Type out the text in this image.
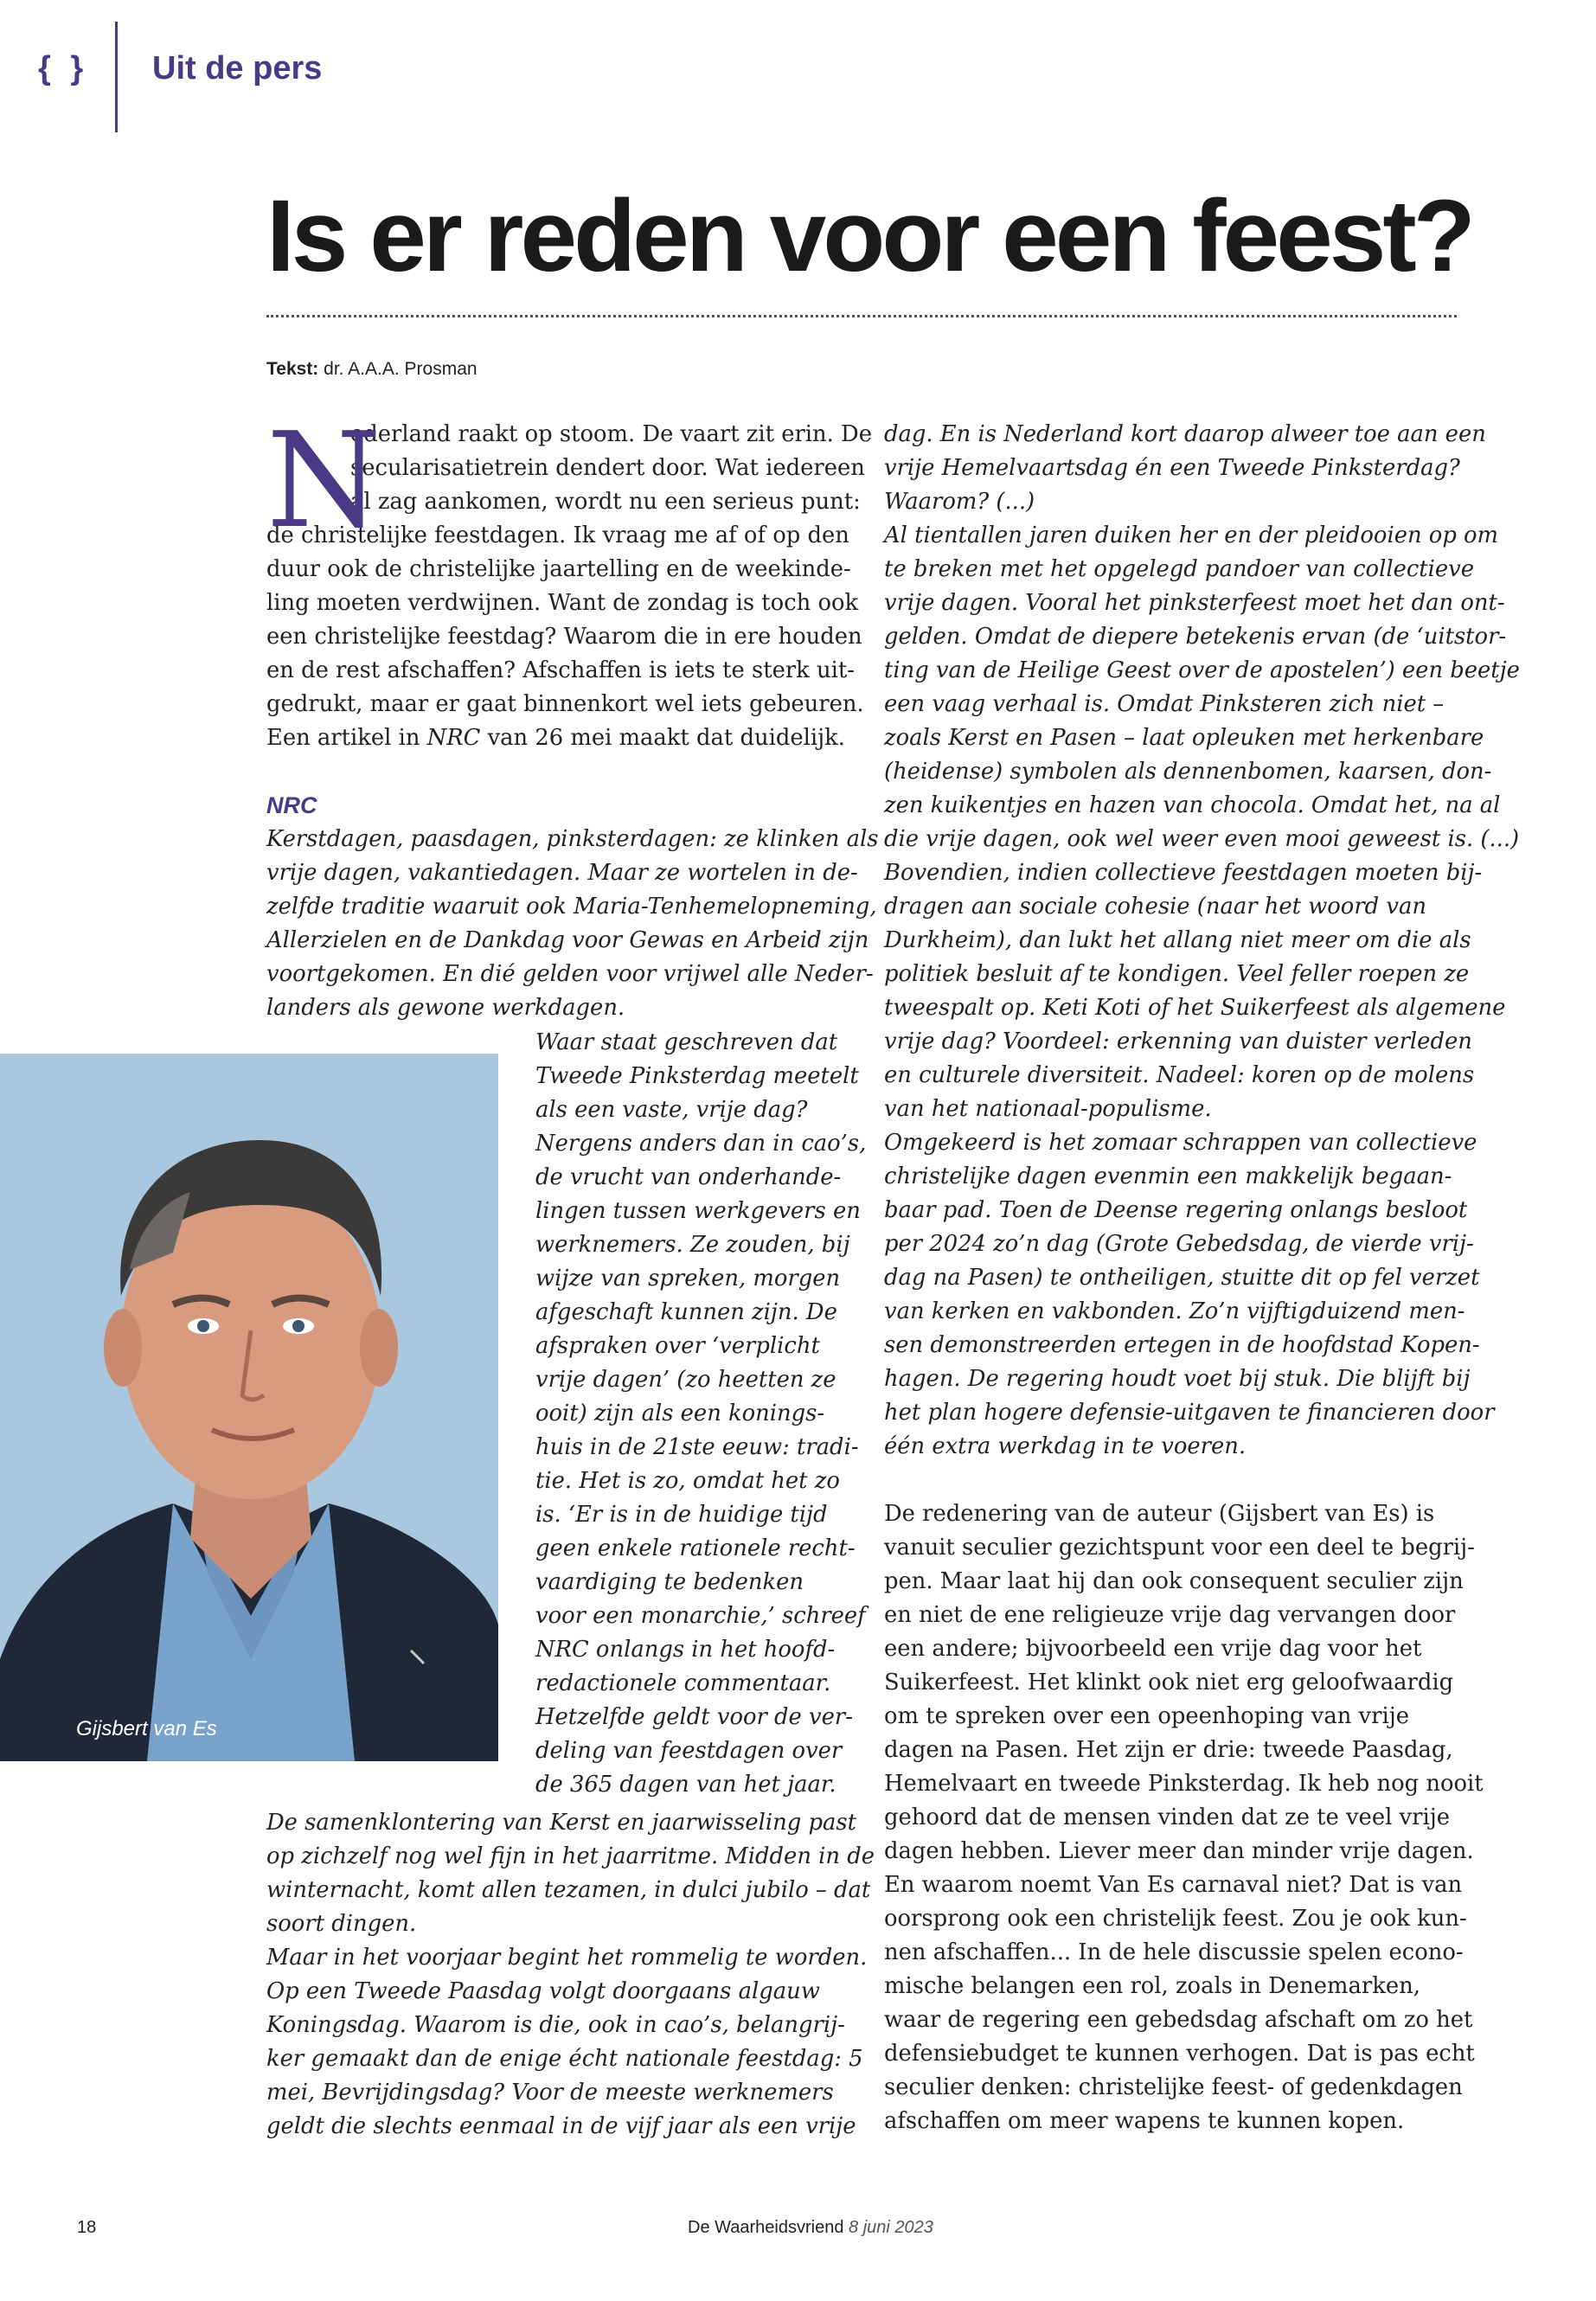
{ } Uit de pers
Is er reden voor een feest?
Tekst: dr. A.A.A. Prosman
N
ederland raakt op stoom. De vaart zit erin. De
secularisatietrein dendert door. Wat iedereen
al zag aankomen, wordt nu een serieus punt:
de christelijke feestdagen. Ik vraag me af of op den
duur ook de christelijke jaartelling en de weekinde-
ling moeten verdwijnen. Want de zondag is toch ook
een christelijke feestdag? Waarom die in ere houden
en de rest afschaffen? Afschaffen is iets te sterk uit-
gedrukt, maar er gaat binnenkort wel iets gebeuren.
Een artikel in NRC van 26 mei maakt dat duidelijk.
NRC
Kerstdagen, paasdagen, pinksterdagen: ze klinken als
vrije dagen, vakantiedagen. Maar ze wortelen in de-
zelfde traditie waaruit ook Maria-Tenhemelopneming,
Allerzielen en de Dankdag voor Gewas en Arbeid zijn
voortgekomen. En dié gelden voor vrijwel alle Neder-
landers als gewone werkdagen.
Gijsbert van Es
Waar staat geschreven dat
Tweede Pinksterdag meetelt
als een vaste, vrije dag?
Nergens anders dan in cao’s,
de vrucht van onderhande-
lingen tussen werkgevers en
werknemers. Ze zouden, bij
wijze van spreken, morgen
afgeschaft kunnen zijn. De
afspraken over ‘verplicht
vrije dagen’ (zo heetten ze
ooit) zijn als een konings-
huis in de 21ste eeuw: tradi-
tie. Het is zo, omdat het zo
is. ‘Er is in de huidige tijd
geen enkele rationele recht-
vaardiging te bedenken
voor een monarchie,’ schreef
NRC onlangs in het hoofd-
redactionele commentaar.
Hetzelfde geldt voor de ver-
deling van feestdagen over
de 365 dagen van het jaar.
De samenklontering van Kerst en jaarwisseling past
op zichzelf nog wel fijn in het jaarritme. Midden in de
winternacht, komt allen tezamen, in dulci jubilo – dat
soort dingen.
Maar in het voorjaar begint het rommelig te worden.
Op een Tweede Paasdag volgt doorgaans algauw
Koningsdag. Waarom is die, ook in cao’s, belangrij-
ker gemaakt dan de enige écht nationale feestdag: 5
mei, Bevrijdingsdag? Voor de meeste werknemers
geldt die slechts eenmaal in de vijf jaar als een vrije
dag. En is Nederland kort daarop alweer toe aan een
vrije Hemelvaartsdag én een Tweede Pinksterdag?
Waarom? (...)
Al tientallen jaren duiken her en der pleidooien op om
te breken met het opgelegd pandoer van collectieve
vrije dagen. Vooral het pinksterfeest moet het dan ont-
gelden. Omdat de diepere betekenis ervan (de ‘uitstor-
ting van de Heilige Geest over de apostelen’) een beetje
een vaag verhaal is. Omdat Pinksteren zich niet –
zoals Kerst en Pasen – laat opleuken met herkenbare
(heidense) symbolen als dennenbomen, kaarsen, don-
zen kuikentjes en hazen van chocola. Omdat het, na al
die vrije dagen, ook wel weer even mooi geweest is. (...)
Bovendien, indien collectieve feestdagen moeten bij-
dragen aan sociale cohesie (naar het woord van
Durkheim), dan lukt het allang niet meer om die als
politiek besluit af te kondigen. Veel feller roepen ze
tweespalt op. Keti Koti of het Suikerfeest als algemene
vrije dag? Voordeel: erkenning van duister verleden
en culturele diversiteit. Nadeel: koren op de molens
van het nationaal-populisme.
Omgekeerd is het zomaar schrappen van collectieve
christelijke dagen evenmin een makkelijk begaan-
baar pad. Toen de Deense regering onlangs besloot
per 2024 zo’n dag (Grote Gebedsdag, de vierde vrij-
dag na Pasen) te ontheiligen, stuitte dit op fel verzet
van kerken en vakbonden. Zo’n vijftigduizend men-
sen demonstreerden ertegen in de hoofdstad Kopen-
hagen. De regering houdt voet bij stuk. Die blijft bij
het plan hogere defensie-uitgaven te financieren door
één extra werkdag in te voeren.
De redenering van de auteur (Gijsbert van Es) is
vanuit seculier gezichtspunt voor een deel te begrij-
pen. Maar laat hij dan ook consequent seculier zijn
en niet de ene religieuze vrije dag vervangen door
een andere; bijvoorbeeld een vrije dag voor het
Suikerfeest. Het klinkt ook niet erg geloofwaardig
om te spreken over een opeenhoping van vrije
dagen na Pasen. Het zijn er drie: tweede Paasdag,
Hemelvaart en tweede Pinksterdag. Ik heb nog nooit
gehoord dat de mensen vinden dat ze te veel vrije
dagen hebben. Liever meer dan minder vrije dagen.
En waarom noemt Van Es carnaval niet? Dat is van
oorsprong ook een christelijk feest. Zou je ook kun-
nen afschaffen... In de hele discussie spelen econo-
mische belangen een rol, zoals in Denemarken,
waar de regering een gebedsdag afschaft om zo het
defensiebudget te kunnen verhogen. Dat is pas echt
seculier denken: christelijke feest- of gedenkdagen
afschaffen om meer wapens te kunnen kopen.
18	De Waarheidsvriend 8 juni 2023
